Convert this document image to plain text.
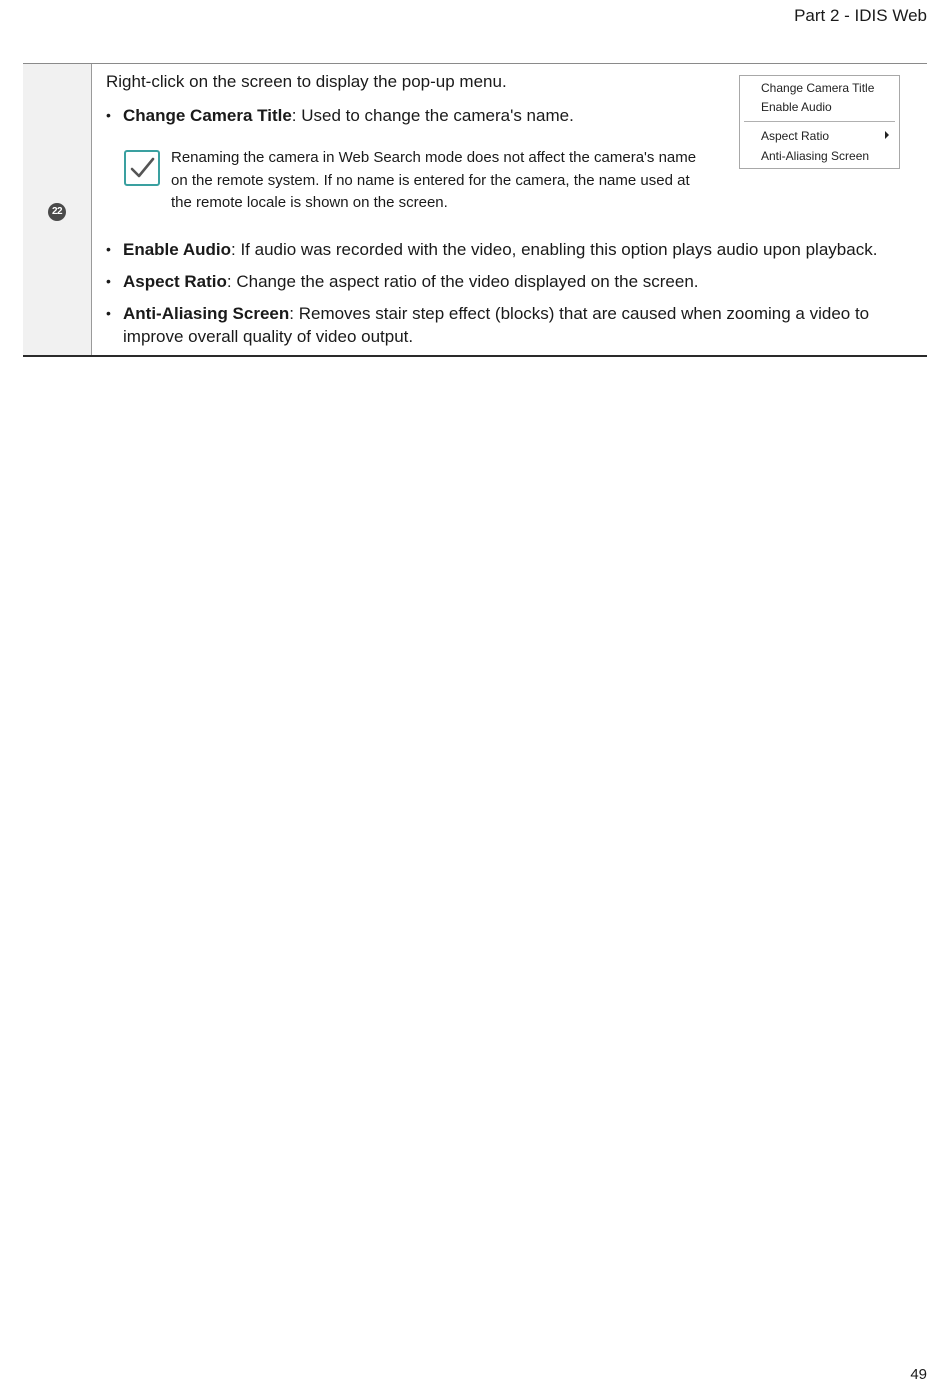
Part 2 - IDIS Web
22
Right-click on the screen to display the pop-up menu.
• Change Camera Title: Used to change the camera's name.
Renaming the camera in Web Search mode does not affect the camera's name on the remote system. If no name is entered for the camera, the name used at the remote locale is shown on the screen.
• Enable Audio: If audio was recorded with the video, enabling this option plays audio upon playback.
• Aspect Ratio: Change the aspect ratio of the video displayed on the screen.
• Anti-Aliasing Screen: Removes stair step effect (blocks) that are caused when zooming a video to improve overall quality of video output.
Change Camera Title
Enable Audio
Aspect Ratio
Anti-Aliasing Screen
49
